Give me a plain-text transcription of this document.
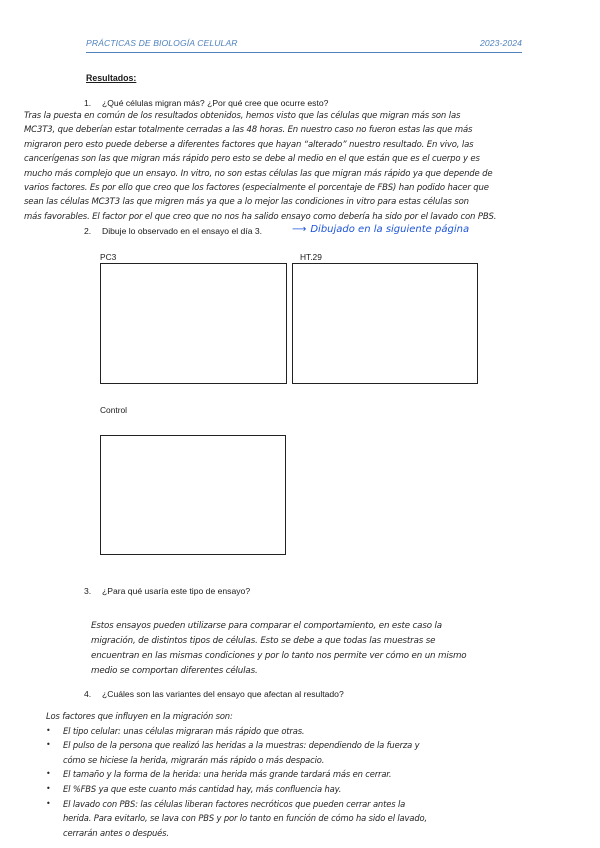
PRÁCTICAS DE BIOLOGÍA CELULAR	2023-2024
Resultados:
1. ¿Qué células migran más? ¿Por qué cree que ocurre esto?
Tras la puesta en común de los resultados obtenidos, hemos visto que las células que migran más son las
MC3T3, que deberían estar totalmente cerradas a las 48 horas. En nuestro caso no fueron estas las que más
migraron pero esto puede deberse a diferentes factores que hayan “alterado” nuestro resultado. En vivo, las
cancerígenas son las que migran más rápido pero esto se debe al medio en el que están que es el cuerpo y es
mucho más complejo que un ensayo. In vitro, no son estas células las que migran más rápido ya que depende de
varios factores. Es por ello que creo que los factores (especialmente el porcentaje de FBS) han podido hacer que
sean las células MC3T3 las que migren más ya que a lo mejor las condiciones in vitro para estas células son
más favorables. El factor por el que creo que no nos ha salido ensayo como debería ha sido por el lavado con PBS.
2. Dibuje lo observado en el ensayo el día 3.	⟶ Dibujado en la siguiente página
PC3	HT.29
Control
3. ¿Para qué usaría este tipo de ensayo?
Estos ensayos pueden utilizarse para comparar el comportamiento, en este caso la
migración, de distintos tipos de células. Esto se debe a que todas las muestras se
encuentran en las mismas condiciones y por lo tanto nos permite ver cómo en un mismo
medio se comportan diferentes células.
4. ¿Cuáles son las variantes del ensayo que afectan al resultado?
Los factores que influyen en la migración son:
• El tipo celular: unas células migraran más rápido que otras.
• El pulso de la persona que realizó las heridas a la muestras: dependiendo de la fuerza y
cómo se hiciese la herida, migrarán más rápido o más despacio.
• El tamaño y la forma de la herida: una herida más grande tardará más en cerrar.
• El %FBS ya que este cuanto más cantidad hay, más confluencia hay.
• El lavado con PBS: las células liberan factores necróticos que pueden cerrar antes la
herida. Para evitarlo, se lava con PBS y por lo tanto en función de cómo ha sido el lavado,
cerrarán antes o después.
